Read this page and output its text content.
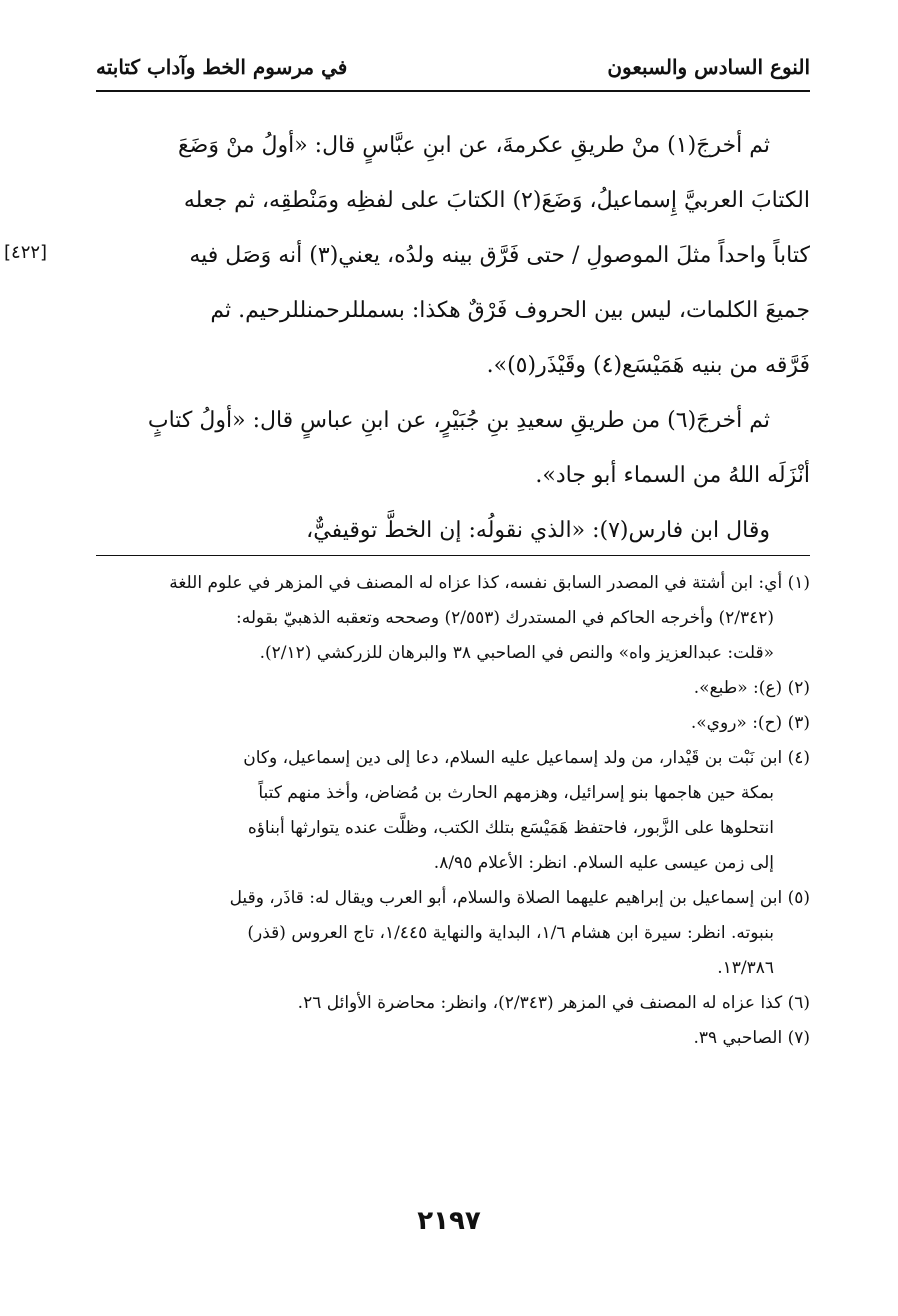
النوع السادس والسبعون
في مرسوم الخط وآداب كتابته

ثم أخرجَ(١) منْ طريقِ عكرمةَ، عن ابنِ عبَّاسٍ قال: «أولُ منْ وَضَعَ
الكتابَ العربيَّ إِسماعيلُ، وَضَعَ(٢) الكتابَ على لفظِه ومَنْطقِه، ثم جعله
كتاباً واحداً مثلَ الموصولِ / حتى فَرَّق بينه ولدُه، يعني(٣) أنه وَصَل فيه
جميعَ الكلمات، ليس بين الحروف فَرْقٌ هكذا: بسمللرحمنللرحيم. ثم
فَرَّقه من بنيه هَمَيْسَع(٤) وقَيْذَر(٥)».

[٤٢٢]

ثم أخرجَ(٦) من طريقِ سعيدِ بنِ جُبَيْرٍ، عن ابنِ عباسٍ قال: «أولُ كتابٍ
أنْزَلَه اللهُ من السماء أبو جاد».

وقال ابن فارس(٧): «الذي نقولُه: إن الخطَّ توقيفيٌّ،

(١) أي: ابن أشتة في المصدر السابق نفسه، كذا عزاه له المصنف في المزهر في علوم اللغة
(٢/٣٤٢) وأخرجه الحاكم في المستدرك (٢/٥٥٣) وصححه وتعقبه الذهبيّ بقوله:
«قلت: عبدالعزيز واه» والنص في الصاحبي ٣٨ والبرهان للزركشي (٢/١٢).

(٢) (ع): «طبع».

(٣) (ح): «روي».

(٤) ابن نَبْت بن قَيْدار، من ولد إسماعيل عليه السلام، دعا إلى دين إسماعيل، وكان
بمكة حين هاجمها بنو إسرائيل، وهزمهم الحارث بن مُضاض، وأخذ منهم كتباً
انتحلوها على الزَّبور، فاحتفظ هَمَيْسَع بتلك الكتب، وظلَّت عنده يتوارثها أبناؤه
إلى زمن عيسى عليه السلام. انظر: الأعلام ٨/٩٥.

(٥) ابن إسماعيل بن إبراهيم عليهما الصلاة والسلام، أبو العرب ويقال له: قاذَر، وقيل
بنبوته. انظر: سيرة ابن هشام ١/٦، البداية والنهاية ١/٤٤٥، تاج العروس (قذر)
١٣/٣٨٦.

(٦) كذا عزاه له المصنف في المزهر (٢/٣٤٣)، وانظر: محاضرة الأوائل ٢٦.

(٧) الصاحبي ٣٩.

٢١٩٧
